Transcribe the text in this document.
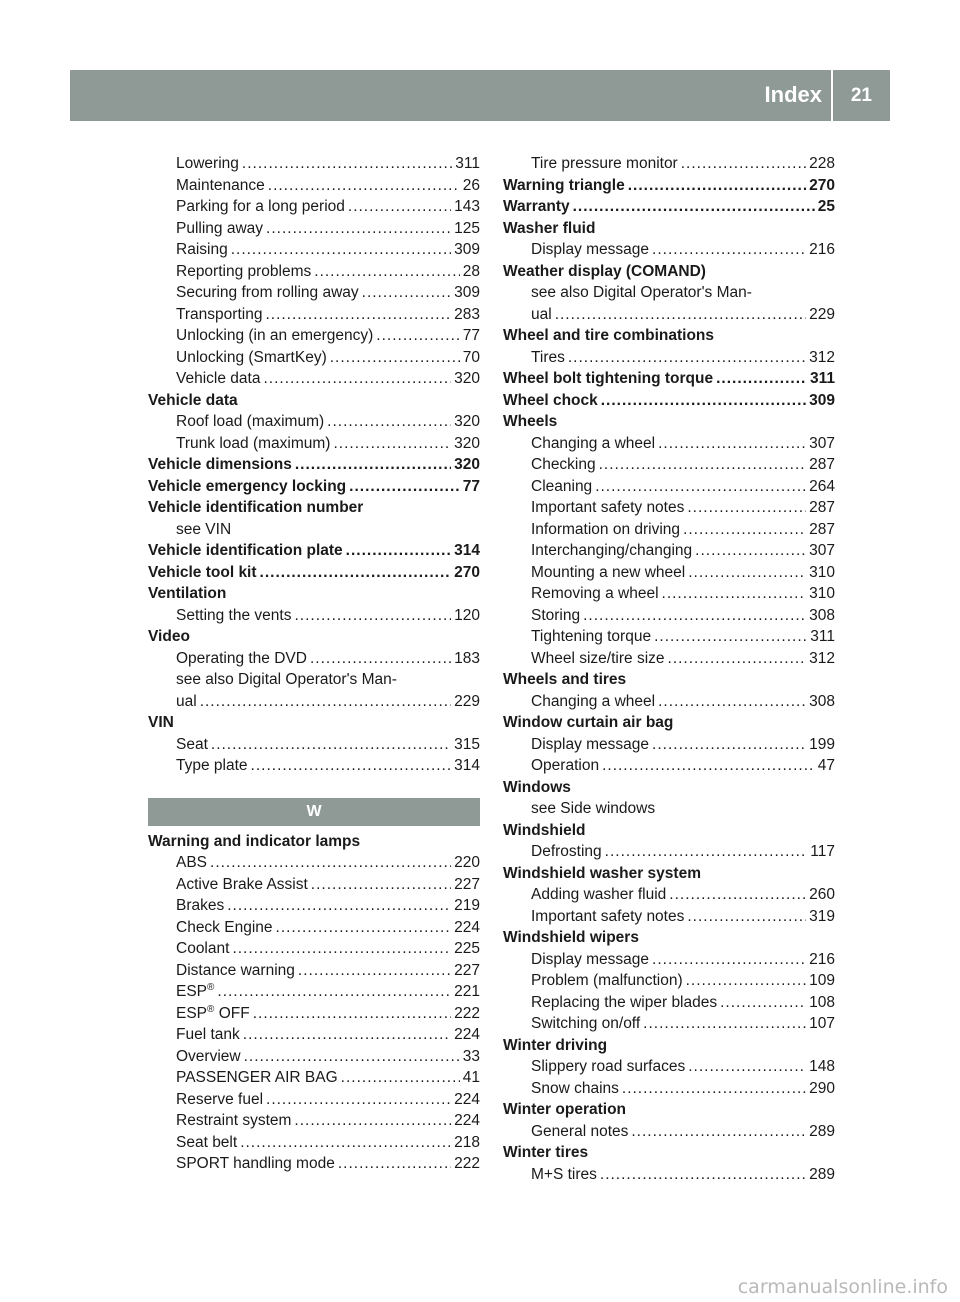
Index 21
Lowering .....	311
Maintenance .....	26
Parking for a long period .....	143
Pulling away .....	125
Raising .....	309
Reporting problems .....	28
Securing from rolling away .....	309
Transporting .....	283
Unlocking (in an emergency) .....	77
Unlocking (SmartKey) .....	70
Vehicle data .....	320
Vehicle data
Roof load (maximum) .....	320
Trunk load (maximum) .....	320
Vehicle dimensions .....	320
Vehicle emergency locking .....	77
Vehicle identification number
see VIN
Vehicle identification plate .....	314
Vehicle tool kit .....	270
Ventilation
Setting the vents .....	120
Video
Operating the DVD .....	183
see also Digital Operator's Man-
ual .....	229
VIN
Seat .....	315
Type plate .....	314
W
Warning and indicator lamps
ABS .....	220
Active Brake Assist .....	227
Brakes .....	219
Check Engine .....	224
Coolant .....	225
Distance warning .....	227
ESP® .....	221
ESP® OFF .....	222
Fuel tank .....	224
Overview .....	33
PASSENGER AIR BAG .....	41
Reserve fuel .....	224
Restraint system .....	224
Seat belt .....	218
SPORT handling mode .....	222
Tire pressure monitor .....	228
Warning triangle .....	270
Warranty .....	25
Washer fluid
Display message .....	216
Weather display (COMAND)
see also Digital Operator's Man-
ual .....	229
Wheel and tire combinations
Tires .....	312
Wheel bolt tightening torque .....	311
Wheel chock .....	309
Wheels
Changing a wheel .....	307
Checking .....	287
Cleaning .....	264
Important safety notes .....	287
Information on driving .....	287
Interchanging/changing .....	307
Mounting a new wheel .....	310
Removing a wheel .....	310
Storing .....	308
Tightening torque .....	311
Wheel size/tire size .....	312
Wheels and tires
Changing a wheel .....	308
Window curtain air bag
Display message .....	199
Operation .....	47
Windows
see Side windows
Windshield
Defrosting .....	117
Windshield washer system
Adding washer fluid .....	260
Important safety notes .....	319
Windshield wipers
Display message .....	216
Problem (malfunction) .....	109
Replacing the wiper blades .....	108
Switching on/off .....	107
Winter driving
Slippery road surfaces .....	148
Snow chains .....	290
Winter operation
General notes .....	289
Winter tires
M+S tires .....	289
carmanualsonline.info
